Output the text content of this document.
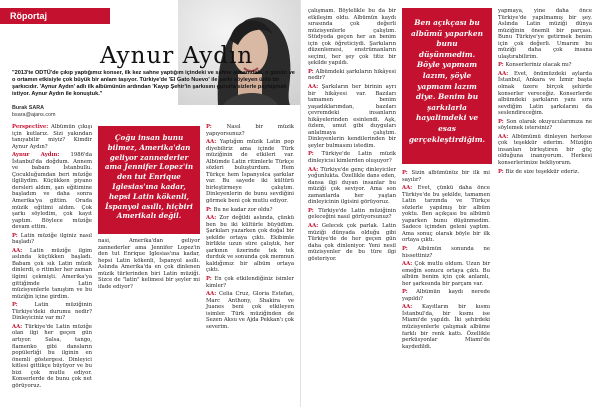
Röportaj
Aynur Aydın
"2013'te ODTÜ'de çıkıp yaptığımız konser, ilk kez sahne yaptığım içindeki ve sahne almamdaki, o günün ve o ortamın etkisiyle çok büyük bir anlam taşıyor. Türkiye'de 'El Gato Nuevo' ile şarkı söyleyen ünlü bir şarkıcıdır. 'Aynur Aydın' adlı ilk albümünün ardından 'Kayıp Şehir'in şarkısını gururla sizlerle paylaşmak istiyor. Aynur Aydın ile konuştuk."
Burak SARA
bsara@ajans.com

Perspective: Albümün çıkışı için kutlarız. Sizi yakından tanıyabilir miyiz? Kimdir Aynur Aydın?

Aynur Aydın: 1986'da İstanbul'da doğdum. Annem ve babam İstanbullu. Çocukluğumdan beri müziğe ilgiliydim. Küçükken piyano dersleri aldım, şan eğitimine başladım ve daha sonra Amerika'ya gittim. Orada müzik eğitimi aldım. Çok şarkı söyledim, çok kayıt yaptım. Böylece müziğe devam ettim.

P: Latin müziğe ilginiz nasıl başladı?

AA: Latin müziğe ilgim aslında küçükken başladı. Babam çok sık Latin müzik dinlerdi, o ritimler her zaman ilgimi çekmişti. Amerika'ya gittiğimde Latin müzisyenlerle tanıştım ve bu müziğin içine girdim.

P:	Latin müziğinin Türkiye'deki durumu nedir? Dinleyiciniz var mı?

AA: Türkiye'de Latin müziğe olan ilgi her geçen gün artıyor. Salsa, tango, flamenko gibi dansların popülerliği bu ilginin en önemli göstergesi. Dinleyici kitlesi gittikçe büyüyor ve bu bizi çok mutlu ediyor. Konserlerde de bunu çok net görüyoruz.

Çoğu insan bunu bilmez, Amerika'dan geliyor zannederler ama Jennifer Lopez'in den tut Enrique Iglesias'ına kadar, hepsi Latin kökenli, İspanyol asıllı, hiçbiri Amerikalı değil.

nasi, Amerika'dan geliyor zannederler ama Jennifer Lopez'in den tut Enrique Iglesias'ına kadar, hepsi Latin kökenli, İspanyol asıllı. Aslında Amerika'da en çok dinlenen müzik türlerinden biri Latin müziği. Sizce de "latin" kelimesi bir şeyler mi ifade ediyor?

P:	Nasıl bir müzik yapıyorsunuz?

AA: Yaptığım müzik Latin pop diyebiliriz ama içinde Türk müziğinin de etkileri var. Albümde Latin ritimlerle Türkçe sözleri buluşturdum. Hem Türkçe hem İspanyolca şarkılar var. Bu sayede iki kültürü birleştirmeye çalıştım. Dinleyenlerin de bunu sevdiğini görmek beni çok mutlu ediyor.

P: Bu ne kadar zor oldu?

AA: Zor değildi aslında, çünkü ben bu iki kültürle büyüdüm. Şarkıları yazarken çok doğal bir şekilde ortaya çıktı. Ekibimle birlikte uzun süre çalıştık, her şarkının üzerinde tek tek durduk ve sonunda çok memnun kaldığımız bir albüm ortaya çıktı.

P: En çok etkilendiğiniz isimler kimler?

AA: Celia Cruz, Gloria Estefan, Marc Anthony, Shakira ve Juanes beni çok etkileyen isimler. Türk müziğinden de Sezen Aksu ve Ajda Pekkan'ı çok severim.

çalışmam. Böylelikle bu da bir etkileşim oldu. Albümün kaydı sırasında çok değerli müzisyenlerle çalıştım. Stüdyoda geçen her an benim için çok öğreticiydi. Şarkıların düzenlemesi, enstrümanların seçimi, her şey çok titiz bir şekilde yapıldı.

P: Albümdeki şarkıların hikâyesi nedir?

AA: Şarkıların her birinin ayrı bir hikâyesi var. Bazıları tamamen benim yaşadıklarımdan, bazıları çevremdeki insanların hikâyelerinden esinlendi. Aşk, özlem, umut gibi duyguları anlatmaya çalıştım. Dinleyenlerin kendilerinden bir şeyler bulmasını istedim.

P: Türkiye'de Latin müzik dinleyicisi kimlerden oluşuyor?

AA: Türkiye'de genç dinleyiciler yoğunlukta. Özellikle dans eden, dansa ilgi duyan insanlar bu müziği çok seviyor. Ama son zamanlarda her yaştan dinleyicinin ilgisini görüyoruz.

P: Türkiye'de Latin müziğinin geleceğini nasıl görüyorsunuz?

AA: Gelecek çok parlak. Latin müziği dünyada olduğu gibi Türkiye'de de her geçen gün daha çok dinleniyor. Yeni nesil müzisyenler de bu türe ilgi gösteriyor.

Ben açıkçası bu albümü yaparken bunu düşünmedim. Böyle yapmam lazım, şöyle yapmam lazım diye. Benim bu şarkılarla hayalimdeki ve esas gerçekleştirdiğim.

P: Sizin albümünüz bir ilk mi sayılır?

AA: Evet, çünkü daha önce Türkiye'de bu şekilde, tamamen Latin tarzında ve Türkçe sözlerle yapılmış bir albüm yoktu. Ben açıkçası bu albümü yaparken bunu düşünmedim. Sadece içimden geleni yaptım. Ama sonuç olarak böyle bir ilk ortaya çıktı.

P: Albümün sonunda ne hissettiniz?

AA: Çok mutlu oldum. Uzun bir emeğin sonucu ortaya çıktı. Bu albüm benim için çok anlamlı, her şarkısında bir parçam var.

P: Albümün kaydı nerede yapıldı?

AA: Kayıtların bir kısmı İstanbul'da, bir kısmı ise Miami'de yapıldı. İki şehirdeki müzisyenlerle çalışmak albüme farklı bir renk kattı. Özellikle perküsyonlar Miami'de kaydedildi.

yapmaya, yine daha önce Türkiye'de yapılmamış bir şey. Aslında Latin müziği dünya müziğinin önemli bir parçası. Bunu Türkiye'ye getirmek benim için çok değerli. Umarım bu müziği daha çok insana ulaştırabilirim.

P: Konserleriniz olacak mı?

AA: Evet, önümüzdeki aylarda İstanbul, Ankara ve İzmir başta olmak üzere birçok şehirde konserler vereceğiz. Konserlerde albümdeki şarkıların yanı sıra sevdiğim Latin şarkılarını da seslendireceğim.

P: Son olarak okuyucularımıza ne söylemek istersiniz?

AA: Albümümü dinleyen herkese çok teşekkür ederim. Müziğin insanları birleştiren bir güç olduğuna inanıyorum. Herkesi konserlerimize bekliyorum.

P: Biz de size teşekkür ederiz.
